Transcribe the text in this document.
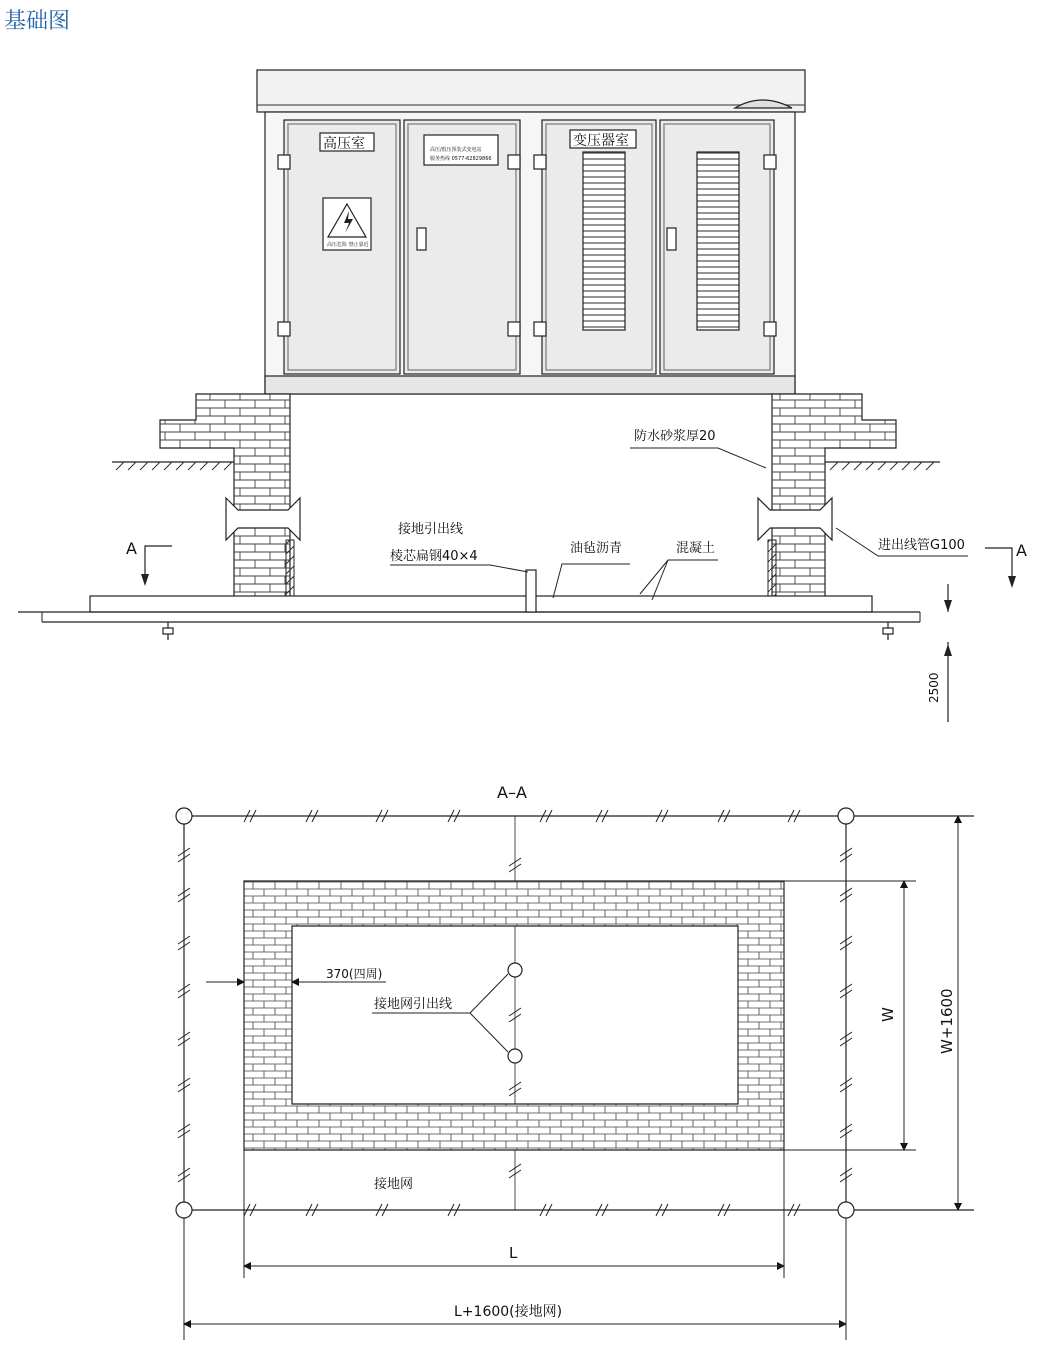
基础图
高压室	变压器室
高压/低压预装式变电站
服务热线 0577-62829866
高压危险 禁止靠近
防水砂浆厚20
接地引出线
棱芯扁钢40×4
油毡沥青	混凝土	进出线管G100
A	A
2500
A–A
370(四周)
接地网引出线
接地网
L
L+1600(接地网)
W	W+1600
